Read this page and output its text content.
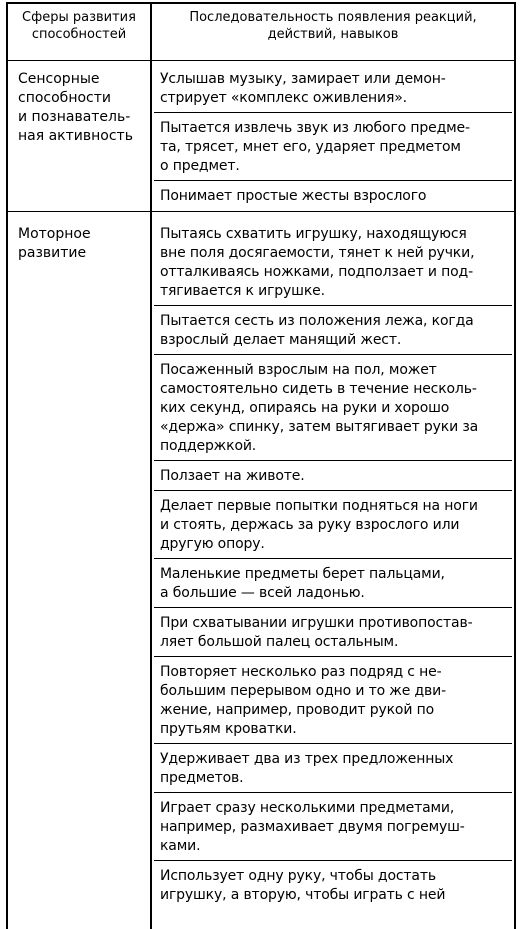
Сферы развития
способностей
Последовательность появления реакций,
действий, навыков
Сенсорные
способности
и познаватель-
ная активность
Услышав музыку, замирает или демон-
стрирует «комплекс оживления».
Пытается извлечь звук из любого предме-
та, трясет, мнет его, ударяет предметом
о предмет.
Понимает простые жесты взрослого
Моторное
развитие
Пытаясь схватить игрушку, находящуюся
вне поля досягаемости, тянет к ней ручки,
отталкиваясь ножками, подползает и под-
тягивается к игрушке.
Пытается сесть из положения лежа, когда
взрослый делает манящий жест.
Посаженный взрослым на пол, может
самостоятельно сидеть в течение несколь-
ких секунд, опираясь на руки и хорошо
«держа» спинку, затем вытягивает руки за
поддержкой.
Ползает на животе.
Делает первые попытки подняться на ноги
и стоять, держась за руку взрослого или
другую опору.
Маленькие предметы берет пальцами,
а большие — всей ладонью.
При схватывании игрушки противопостав-
ляет большой палец остальным.
Повторяет несколько раз подряд с не-
большим перерывом одно и то же дви-
жение, например, проводит рукой по
прутьям кроватки.
Удерживает два из трех предложенных
предметов.
Играет сразу несколькими предметами,
например, размахивает двумя погремуш-
ками.
Использует одну руку, чтобы достать
игрушку, а вторую, чтобы играть с ней
